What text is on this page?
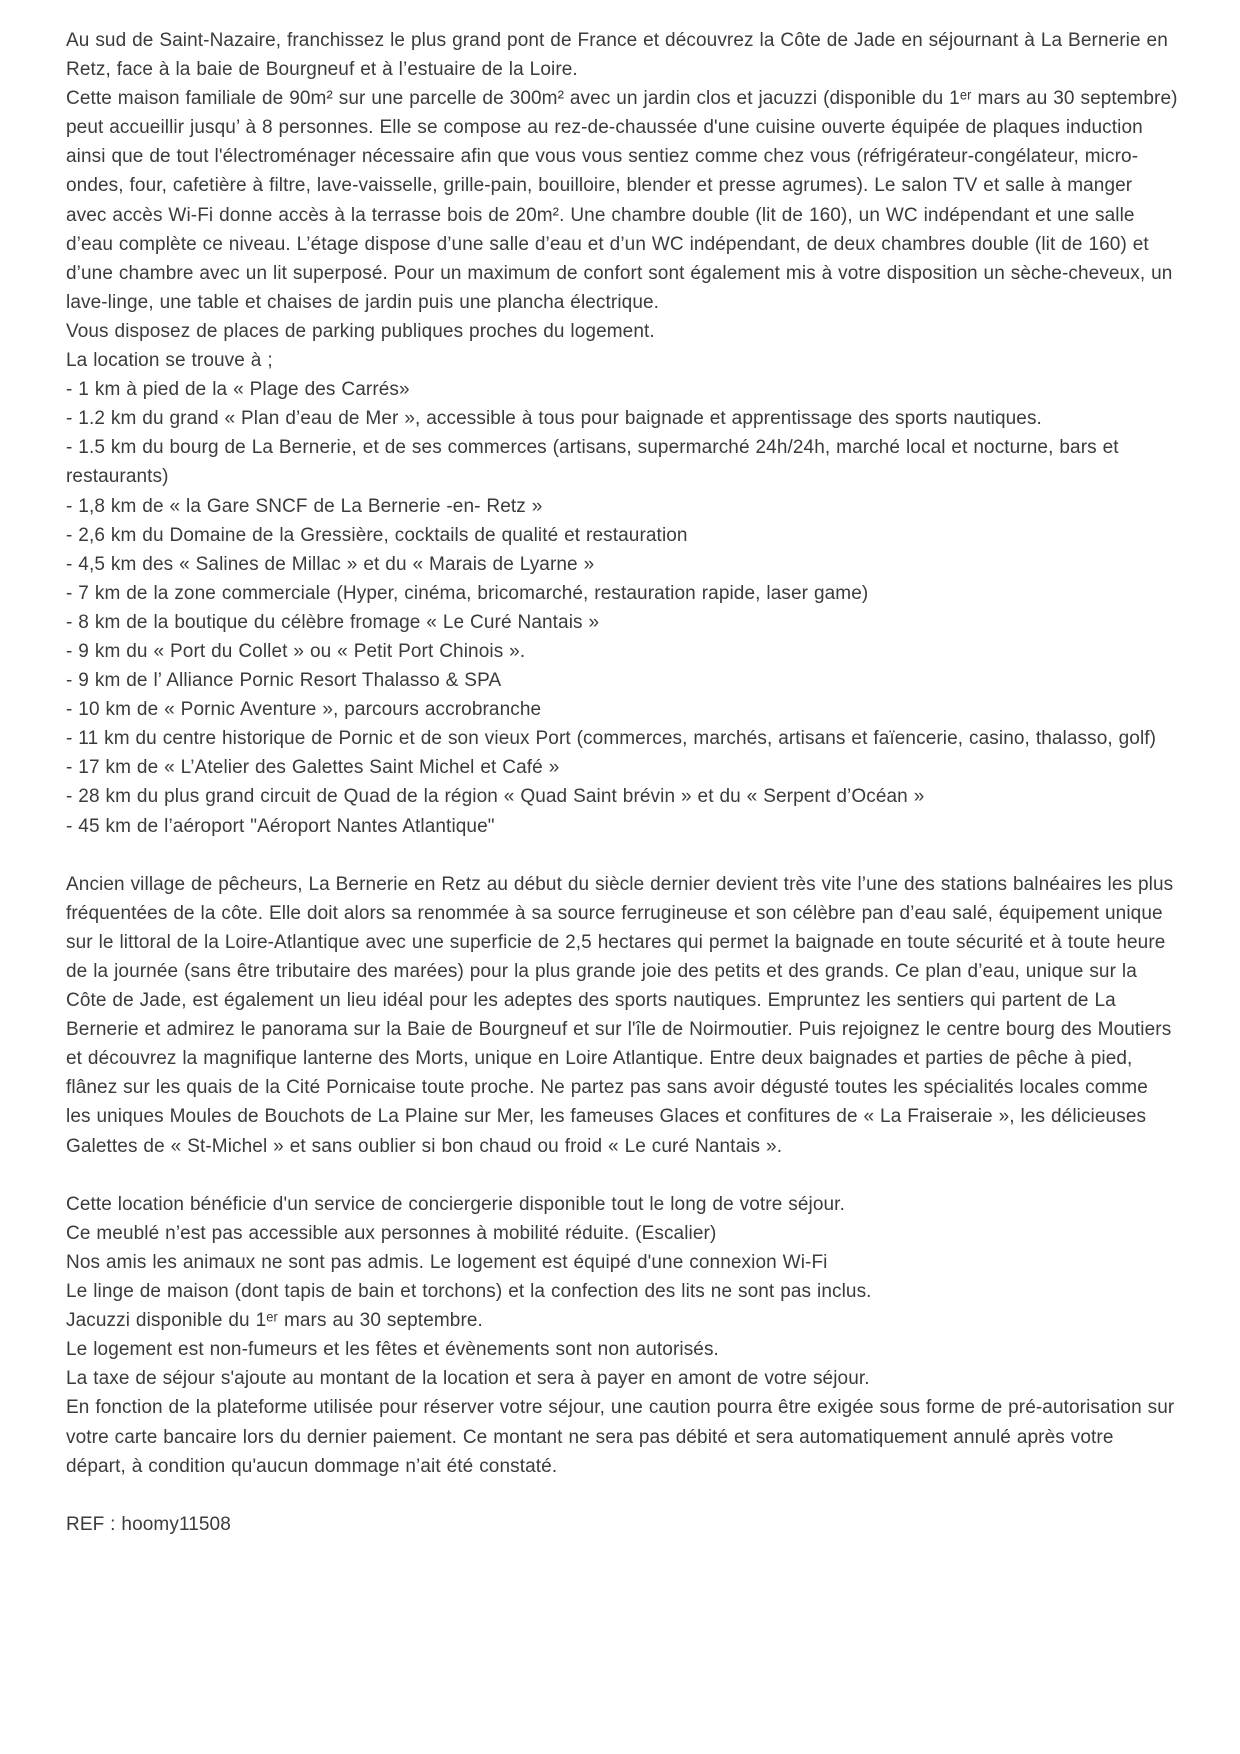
Au sud de Saint-Nazaire, franchissez le plus grand pont de France et découvrez la Côte de Jade en séjournant à La Bernerie en Retz, face à la baie de Bourgneuf et à l’estuaire de la Loire.

Cette maison familiale de 90m² sur une parcelle de 300m² avec un jardin clos et jacuzzi (disponible du 1ᵉʳ mars au 30 septembre) peut accueillir jusqu’ à 8 personnes. Elle se compose au rez-de-chaussée d'une cuisine ouverte équipée de plaques induction ainsi que de tout l'électroménager nécessaire afin que vous vous sentiez comme chez vous (réfrigérateur-congélateur, micro-ondes, four, cafetière à filtre, lave-vaisselle, grille-pain, bouilloire, blender et presse agrumes). Le salon TV et salle à manger avec accès Wi-Fi donne accès à la terrasse bois de 20m². Une chambre double (lit de 160), un WC indépendant et une salle d’eau complète ce niveau. L’étage dispose d’une salle d’eau et d’un WC indépendant, de deux chambres double (lit de 160) et d’une chambre avec un lit superposé. Pour un maximum de confort sont également mis à votre disposition un sèche-cheveux, un lave-linge, une table et chaises de jardin puis une plancha électrique.

Vous disposez de places de parking publiques proches du logement.

La location se trouve à ;

- 1 km à pied de la « Plage des Carrés»

- 1.2 km du grand « Plan d’eau de Mer », accessible à tous pour baignade et apprentissage des sports nautiques.

- 1.5 km du bourg de La Bernerie, et de ses commerces (artisans, supermarché 24h/24h, marché local et nocturne, bars et restaurants)

- 1,8 km de « la Gare SNCF de La Bernerie -en- Retz »

- 2,6 km du Domaine de la Gressière, cocktails de qualité et restauration

- 4,5 km des « Salines de Millac » et du « Marais de Lyarne »

- 7 km de la zone commerciale (Hyper, cinéma, bricomarché, restauration rapide, laser game)

- 8 km de la boutique du célèbre fromage « Le Curé Nantais »

- 9 km du « Port du Collet » ou « Petit Port Chinois ».

- 9 km de l’ Alliance Pornic Resort Thalasso & SPA

- 10 km de « Pornic Aventure », parcours accrobranche

- 11 km du centre historique de Pornic et de son vieux Port (commerces, marchés, artisans et faïencerie, casino, thalasso, golf)

- 17 km de « L’Atelier des Galettes Saint Michel et Café »

- 28 km du plus grand circuit de Quad de la région « Quad Saint brévin » et du « Serpent d’Océan »

- 45 km de l’aéroport "Aéroport Nantes Atlantique"

Ancien village de pêcheurs, La Bernerie en Retz au début du siècle dernier devient très vite l’une des stations balnéaires les plus fréquentées de la côte. Elle doit alors sa renommée à sa source ferrugineuse et son célèbre pan d’eau salé, équipement unique sur le littoral de la Loire-Atlantique avec une superficie de 2,5 hectares qui permet la baignade en toute sécurité et à toute heure de la journée (sans être tributaire des marées) pour la plus grande joie des petits et des grands. Ce plan d’eau, unique sur la Côte de Jade, est également un lieu idéal pour les adeptes des sports nautiques. Empruntez les sentiers qui partent de La Bernerie et admirez le panorama sur la Baie de Bourgneuf et sur l'île de Noirmoutier. Puis rejoignez le centre bourg des Moutiers et découvrez la magnifique lanterne des Morts, unique en Loire Atlantique. Entre deux baignades et parties de pêche à pied, flânez sur les quais de la Cité Pornicaise toute proche. Ne partez pas sans avoir dégusté toutes les spécialités locales comme les uniques Moules de Bouchots de La Plaine sur Mer, les fameuses Glaces et confitures de « La Fraiseraie », les délicieuses Galettes de « St-Michel » et sans oublier si bon chaud ou froid « Le curé Nantais ».

Cette location bénéficie d'un service de conciergerie disponible tout le long de votre séjour.

Ce meublé n’est pas accessible aux personnes à mobilité réduite. (Escalier)

Nos amis les animaux ne sont pas admis. Le logement est équipé d'une connexion Wi-Fi

Le linge de maison (dont tapis de bain et torchons) et la confection des lits ne sont pas inclus.

Jacuzzi disponible du 1ᵉʳ mars au 30 septembre.

Le logement est non-fumeurs et les fêtes et évènements sont non autorisés.

La taxe de séjour s'ajoute au montant de la location et sera à payer en amont de votre séjour.

En fonction de la plateforme utilisée pour réserver votre séjour, une caution pourra être exigée sous forme de pré-autorisation sur votre carte bancaire lors du dernier paiement. Ce montant ne sera pas débité et sera automatiquement annulé après votre départ, à condition qu'aucun dommage n’ait été constaté.

REF : hoomy11508
